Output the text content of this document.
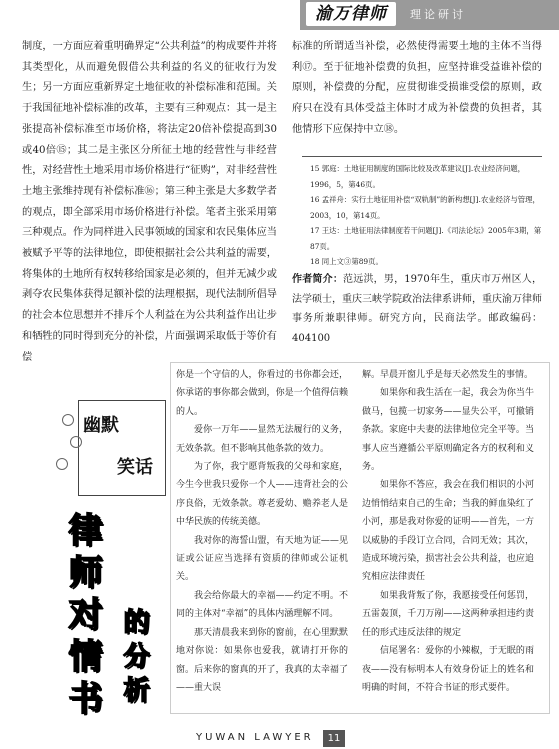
渝万律师	理论研讨

制度，一方面应着重明确界定“公共利益”的构成要件并将其类型化，从而避免假借公共利益的名义的征收行为发生；另一方面应重新界定土地征收的补偿标准和范围。关于我国征地补偿标准的改革，主要有三种观点：其一是主张提高补偿标准至市场价格，将法定20倍补偿提高到30或40倍⑮；其二是主张区分所征土地的经营性与非经营性，对经营性土地采用市场价格进行“征购”，对非经营性土地主张维持现有补偿标准⑯；第三种主张是大多数学者的观点，即全部采用市场价格进行补偿。笔者主张采用第三种观点。作为同样进入民事领域的国家和农民集体应当被赋予平等的法律地位，即使根据社会公共利益的需要，将集体的土地所有权转移给国家是必须的，但并无减少或剥夺农民集体获得足额补偿的法理根据，现代法制所倡导的社会本位思想并不排斥个人利益在为公共利益作出让步和牺牲的同时得到充分的补偿，片面强调采取低于等价有偿

标准的所谓适当补偿，必然使得需要土地的主体不当得利⑰。至于征地补偿费的负担，应坚持谁受益谁补偿的原则，补偿费的分配，应贯彻谁受损谁受偿的原则，政府只在没有具体受益主体时才成为补偿费的负担者，其他情形下应保持中立⑱。

15 郭庭：土地征用制度的国际比较及改革建议[J].农业经济问题，1996，5，第46页。

16 孟祥舟：实行土地征用补偿“双轨制”的新构想[J].农业经济与管理，2003，10，第14页。

17 王达：土地征用法律制度若干问题[J].《司法论坛》2005年3期，第87页。

18 同上文③第89页。

作者简介：范远洪，男，1970年生，重庆市万州区人，法学硕士，重庆三峡学院政治法律系讲师，重庆渝万律师事务所兼职律师。研究方向，民商法学。邮政编码：404100
幽默
笑话
律师对情书 的分析

你是一个守信的人，你看过的书你都会还，你承诺的事你都会做到，你是一个值得信赖的人。

爱你一万年——显然无法履行的义务，无效条款。但不影响其他条款的效力。

为了你，我宁愿背叛我的父母和家庭，今生今世我只爱你一个人——违背社会的公序良俗，无效条款。尊老爱幼、赡养老人是中华民族的传统美德。

我对你的海誓山盟，有天地为证——见证或公证应当选择有资质的律师或公证机关。

我会给你最大的幸福——约定不明。不同的主体对“幸福”的具体内涵理解不同。

那天清晨我来到你的窗前，在心里默默地对你说：如果你也爱我，就请打开你的窗。后来你的窗真的开了，我真的太幸福了——重大误

解。早晨开窗儿乎是每天必然发生的事情。

如果你和我生活在一起，我会为你当牛做马，包揽一切家务——显失公平，可撤销条款。家庭中夫妻的法律地位完全平等。当事人应当遵循公平原则确定各方的权利和义务。

如果你不答应，我会在我们相识的小河边悄悄结束自己的生命；当我的鲜血染红了小河，那是我对你爱的证明——首先，一方以威胁的手段订立合同，合同无效；其次，造成环境污染，损害社会公共利益，也应追究相应法律责任

如果我背叛了你，我愿接受任何惩罚，五雷轰顶，千刀万剐——这两种承担违约责任的形式违反法律的规定

信尾署名：爱你的小辣椒，于无眠的雨夜——没有标明本人有效身份证上的姓名和明确的时间，不符合书证的形式要件。

YUWAN LAWYER	11
